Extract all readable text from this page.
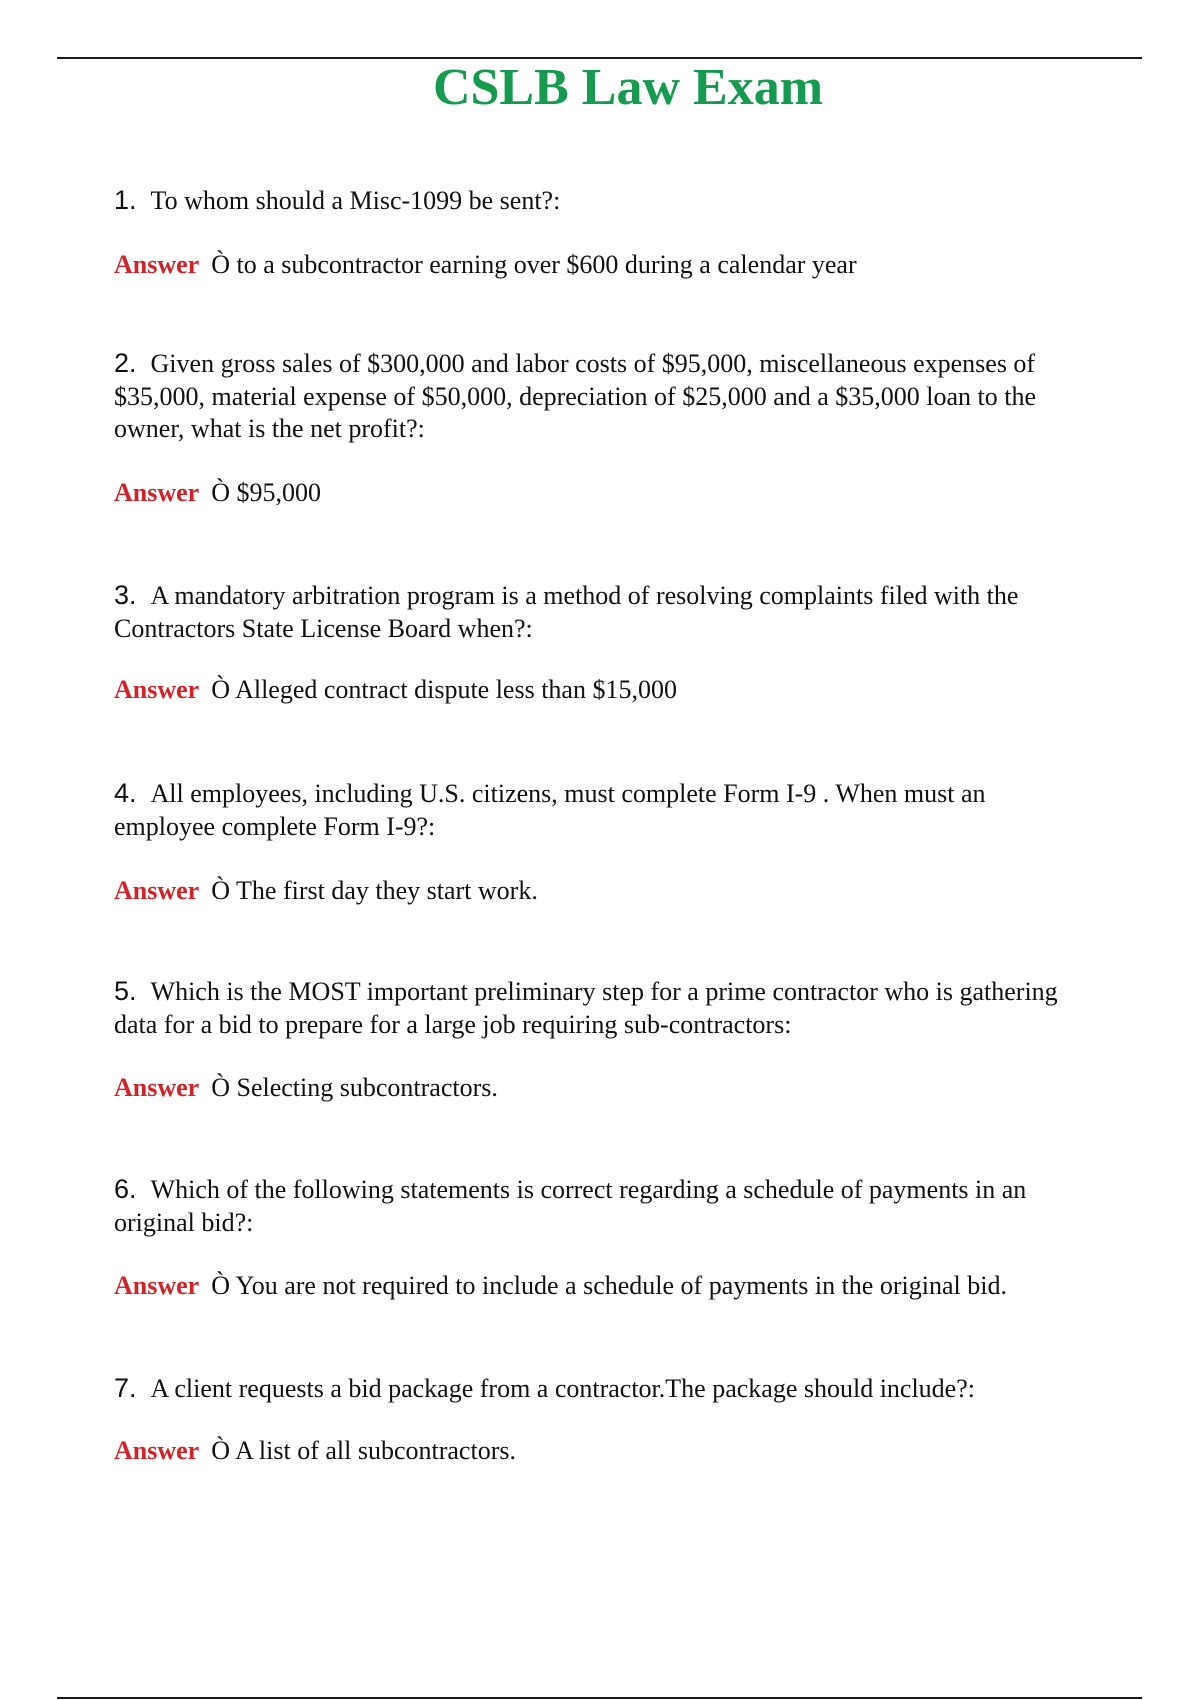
CSLB Law Exam
1. To whom should a Misc-1099 be sent?:
Answer Ò to a subcontractor earning over $600 during a calendar year
2. Given gross sales of $300,000 and labor costs of $95,000, miscellaneous expenses of
$35,000, material expense of $50,000, depreciation of $25,000 and a $35,000 loan to the
owner, what is the net profit?:
Answer Ò $95,000
3. A mandatory arbitration program is a method of resolving complaints filed with the
Contractors State License Board when?:
Answer Ò Alleged contract dispute less than $15,000
4. All employees, including U.S. citizens, must complete Form I-9 . When must an
employee complete Form I-9?:
Answer Ò The first day they start work.
5. Which is the MOST important preliminary step for a prime contractor who is gathering
data for a bid to prepare for a large job requiring sub-contractors:
Answer Ò Selecting subcontractors.
6. Which of the following statements is correct regarding a schedule of payments in an
original bid?:
Answer Ò You are not required to include a schedule of payments in the original bid.
7. A client requests a bid package from a contractor.The package should include?:
Answer Ò A list of all subcontractors.
